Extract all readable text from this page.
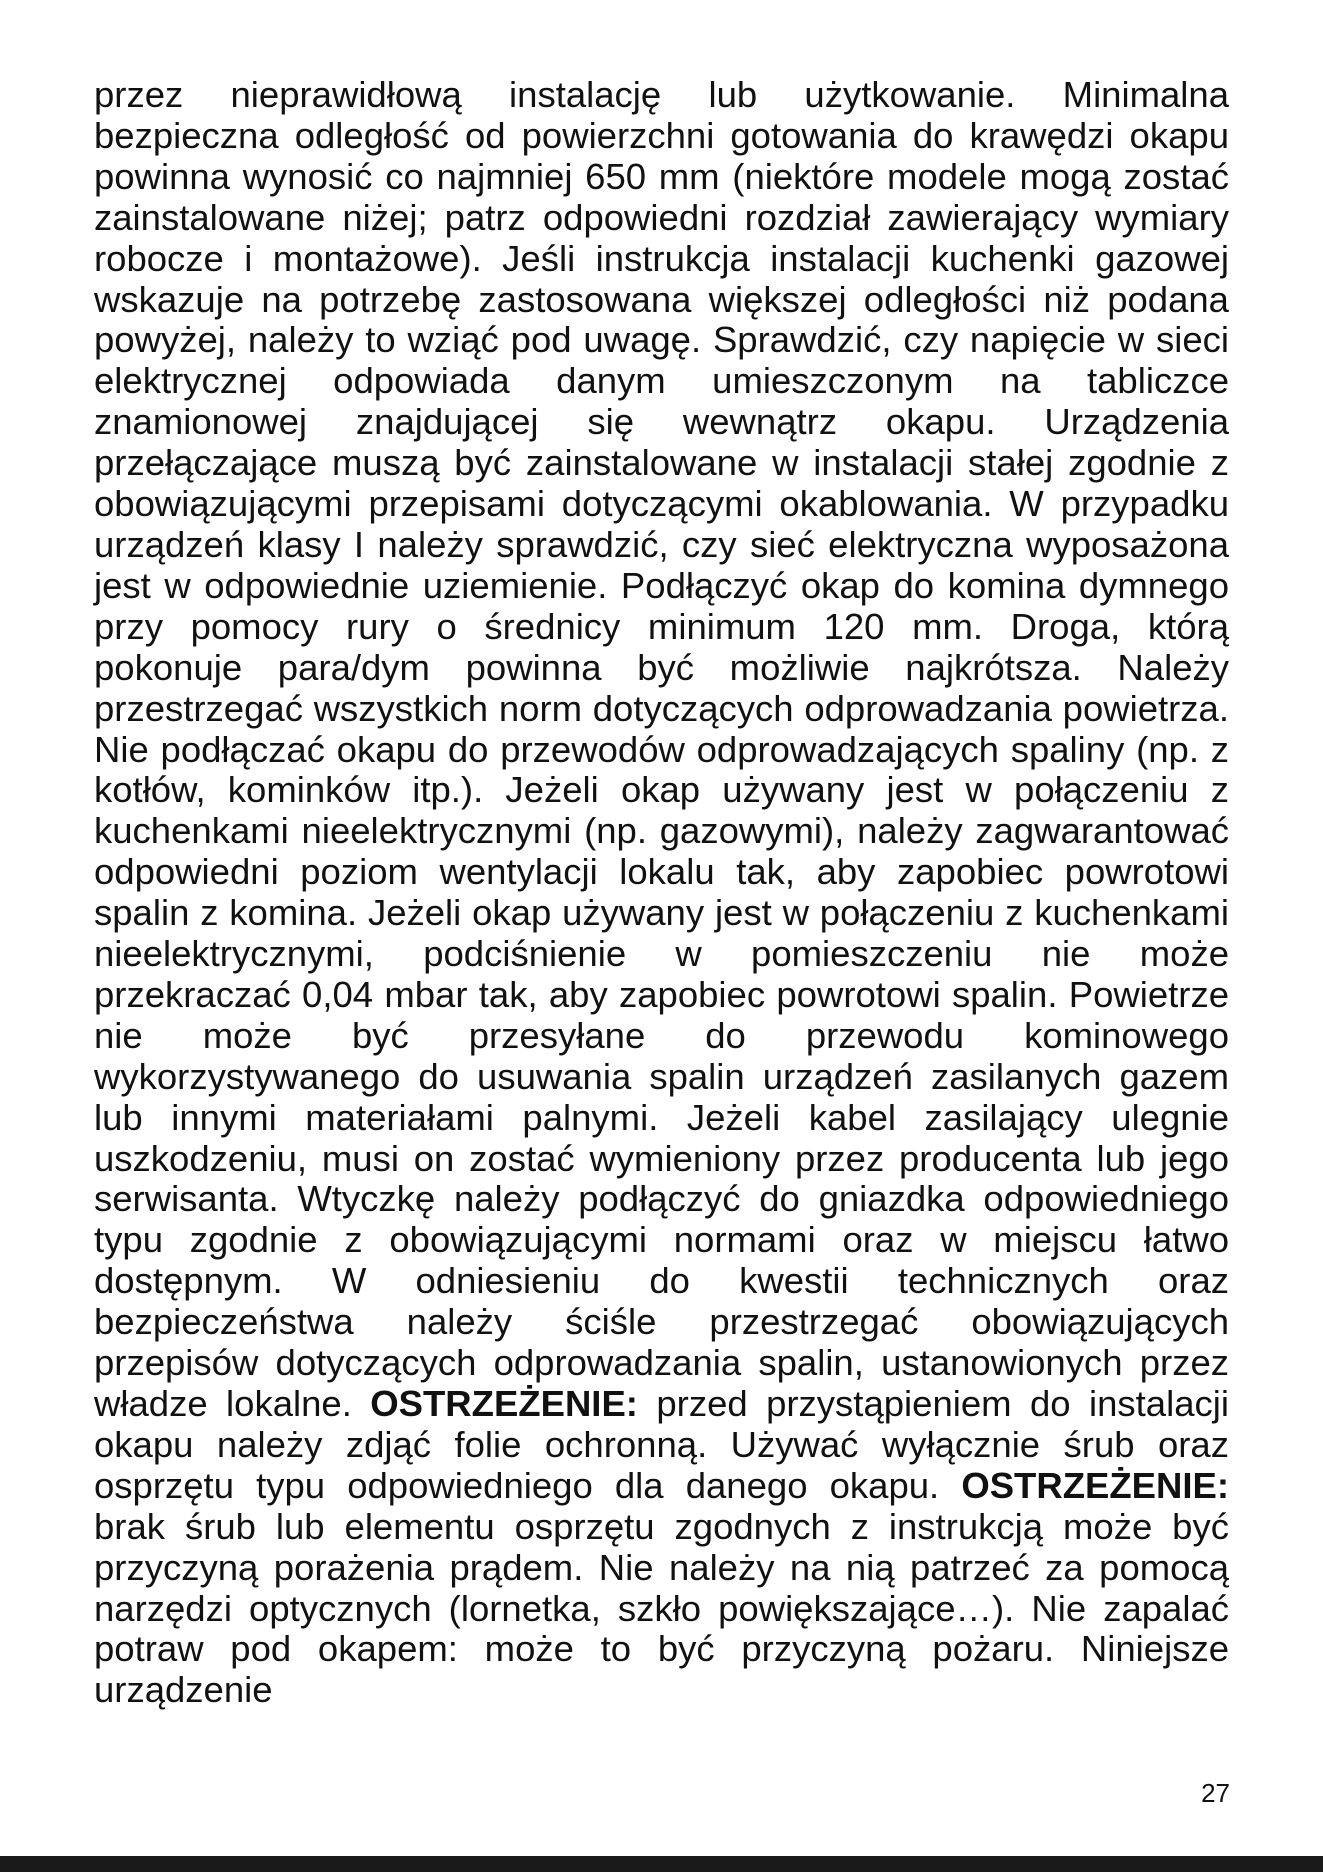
przez nieprawidłową instalację lub użytkowanie. Minimalna bezpieczna odległość od powierzchni gotowania do krawędzi okapu powinna wynosić co najmniej 650 mm (niektóre modele mogą zostać zainstalowane niżej; patrz odpowiedni rozdział zawierający wymiary robocze i montażowe). Jeśli instrukcja instalacji kuchenki gazowej wskazuje na potrzebę zastosowana większej odległości niż podana powyżej, należy to wziąć pod uwagę. Sprawdzić, czy napięcie w sieci elektrycznej odpowiada danym umieszczonym na tabliczce znamionowej znajdującej się wewnątrz okapu. Urządzenia przełączające muszą być zainstalowane w instalacji stałej zgodnie z obowiązującymi przepisami dotyczącymi okablowania. W przypadku urządzeń klasy I należy sprawdzić, czy sieć elektryczna wyposażona jest w odpowiednie uziemienie. Podłączyć okap do komina dymnego przy pomocy rury o średnicy minimum 120 mm. Droga, którą pokonuje para/dym powinna być możliwie najkrótsza. Należy przestrzegać wszystkich norm dotyczących odprowadzania powietrza. Nie podłączać okapu do przewodów odprowadzających spaliny (np. z kotłów, kominków itp.). Jeżeli okap używany jest w połączeniu z kuchenkami nieelektrycznymi (np. gazowymi), należy zagwarantować odpowiedni poziom wentylacji lokalu tak, aby zapobiec powrotowi spalin z komina. Jeżeli okap używany jest w połączeniu z kuchenkami nieelektrycznymi, podciśnienie w pomieszczeniu nie może przekraczać 0,04 mbar tak, aby zapobiec powrotowi spalin. Powietrze nie może być przesyłane do przewodu kominowego wykorzystywanego do usuwania spalin urządzeń zasilanych gazem lub innymi materiałami palnymi. Jeżeli kabel zasilający ulegnie uszkodzeniu, musi on zostać wymieniony przez producenta lub jego serwisanta. Wtyczkę należy podłączyć do gniazdka odpowiedniego typu zgodnie z obowiązującymi normami oraz w miejscu łatwo dostępnym. W odniesieniu do kwestii technicznych oraz bezpieczeństwa należy ściśle przestrzegać obowiązujących przepisów dotyczących odprowadzania spalin, ustanowionych przez władze lokalne. OSTRZEŻENIE: przed przystąpieniem do instalacji okapu należy zdjąć folie ochronną. Używać wyłącznie śrub oraz osprzętu typu odpowiedniego dla danego okapu. OSTRZEŻENIE: brak śrub lub elementu osprzętu zgodnych z instrukcją może być przyczyną porażenia prądem. Nie należy na nią patrzeć za pomocą narzędzi optycznych (lornetka, szkło powiększające…). Nie zapalać potraw pod okapem: może to być przyczyną pożaru. Niniejsze urządzenie

27
